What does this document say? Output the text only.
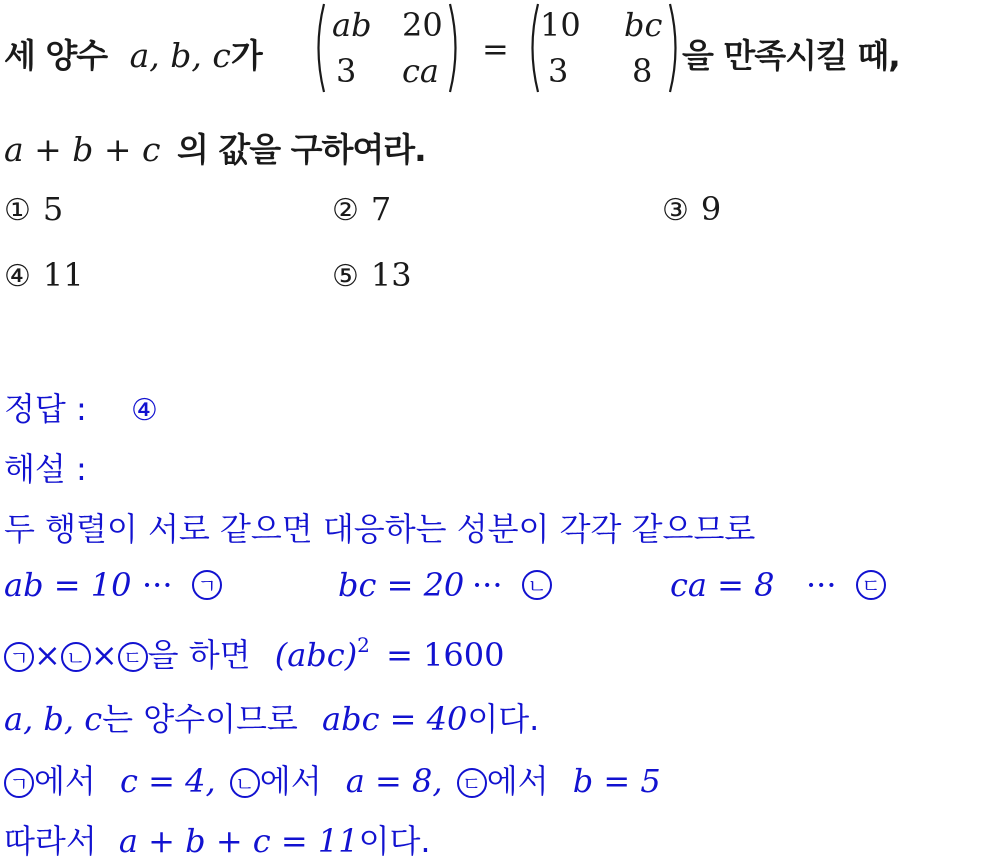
세 양수 a, b, c가
ab 20
3 ca
=
10 bc
3 8 을 만족시킬 때,
a + b + c 의 값을 구하여라.
① 5	② 7	③ 9
④ 11	⑤ 13
정답 : ④
해설 :
두 행렬이 서로 같으면 대응하는 성분이 각각 같으므로
ab = 10 ··· ㄱ	bc = 20 ··· ㄴ	ca = 8 ··· ㄷ
ㄱ × ㄴ × ㄷ 을 하면 (abc)$^2$ = 1600
a, b, c는 양수이므로 abc = 40이다.
ㄱ 에서 c = 4, ㄴ 에서 a = 8, ㄷ 에서 b = 5
따라서 a + b + c = 11이다.
